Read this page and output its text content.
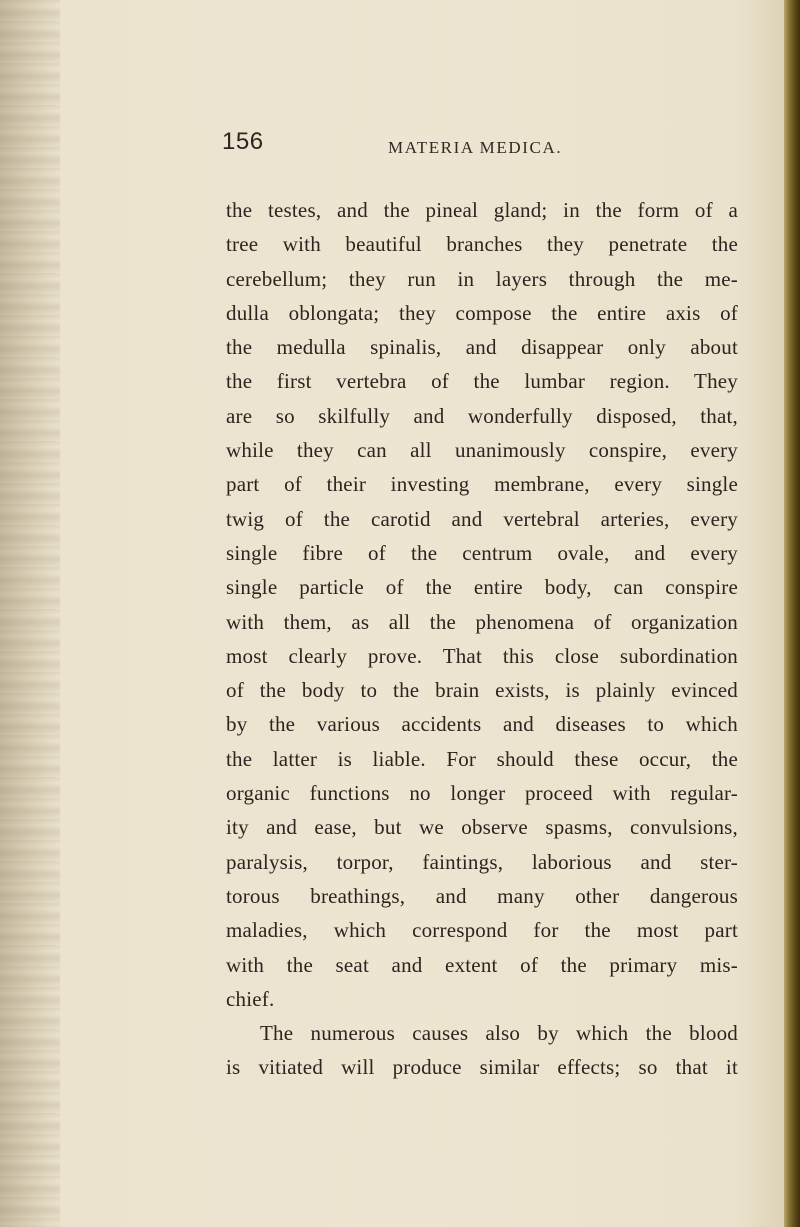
156	MATERIA MEDICA.
the testes, and the pineal gland; in the form of a
tree with beautiful branches they penetrate the
cerebellum; they run in layers through the me-
dulla oblongata; they compose the entire axis of
the medulla spinalis, and disappear only about
the first vertebra of the lumbar region. They
are so skilfully and wonderfully disposed, that,
while they can all unanimously conspire, every
part of their investing membrane, every single
twig of the carotid and vertebral arteries, every
single fibre of the centrum ovale, and every
single particle of the entire body, can conspire
with them, as all the phenomena of organization
most clearly prove. That this close subordination
of the body to the brain exists, is plainly evinced
by the various accidents and diseases to which
the latter is liable. For should these occur, the
organic functions no longer proceed with regular-
ity and ease, but we observe spasms, convulsions,
paralysis, torpor, faintings, laborious and ster-
torous breathings, and many other dangerous
maladies, which correspond for the most part
with the seat and extent of the primary mis-
chief.
The numerous causes also by which the blood
is vitiated will produce similar effects; so that it
